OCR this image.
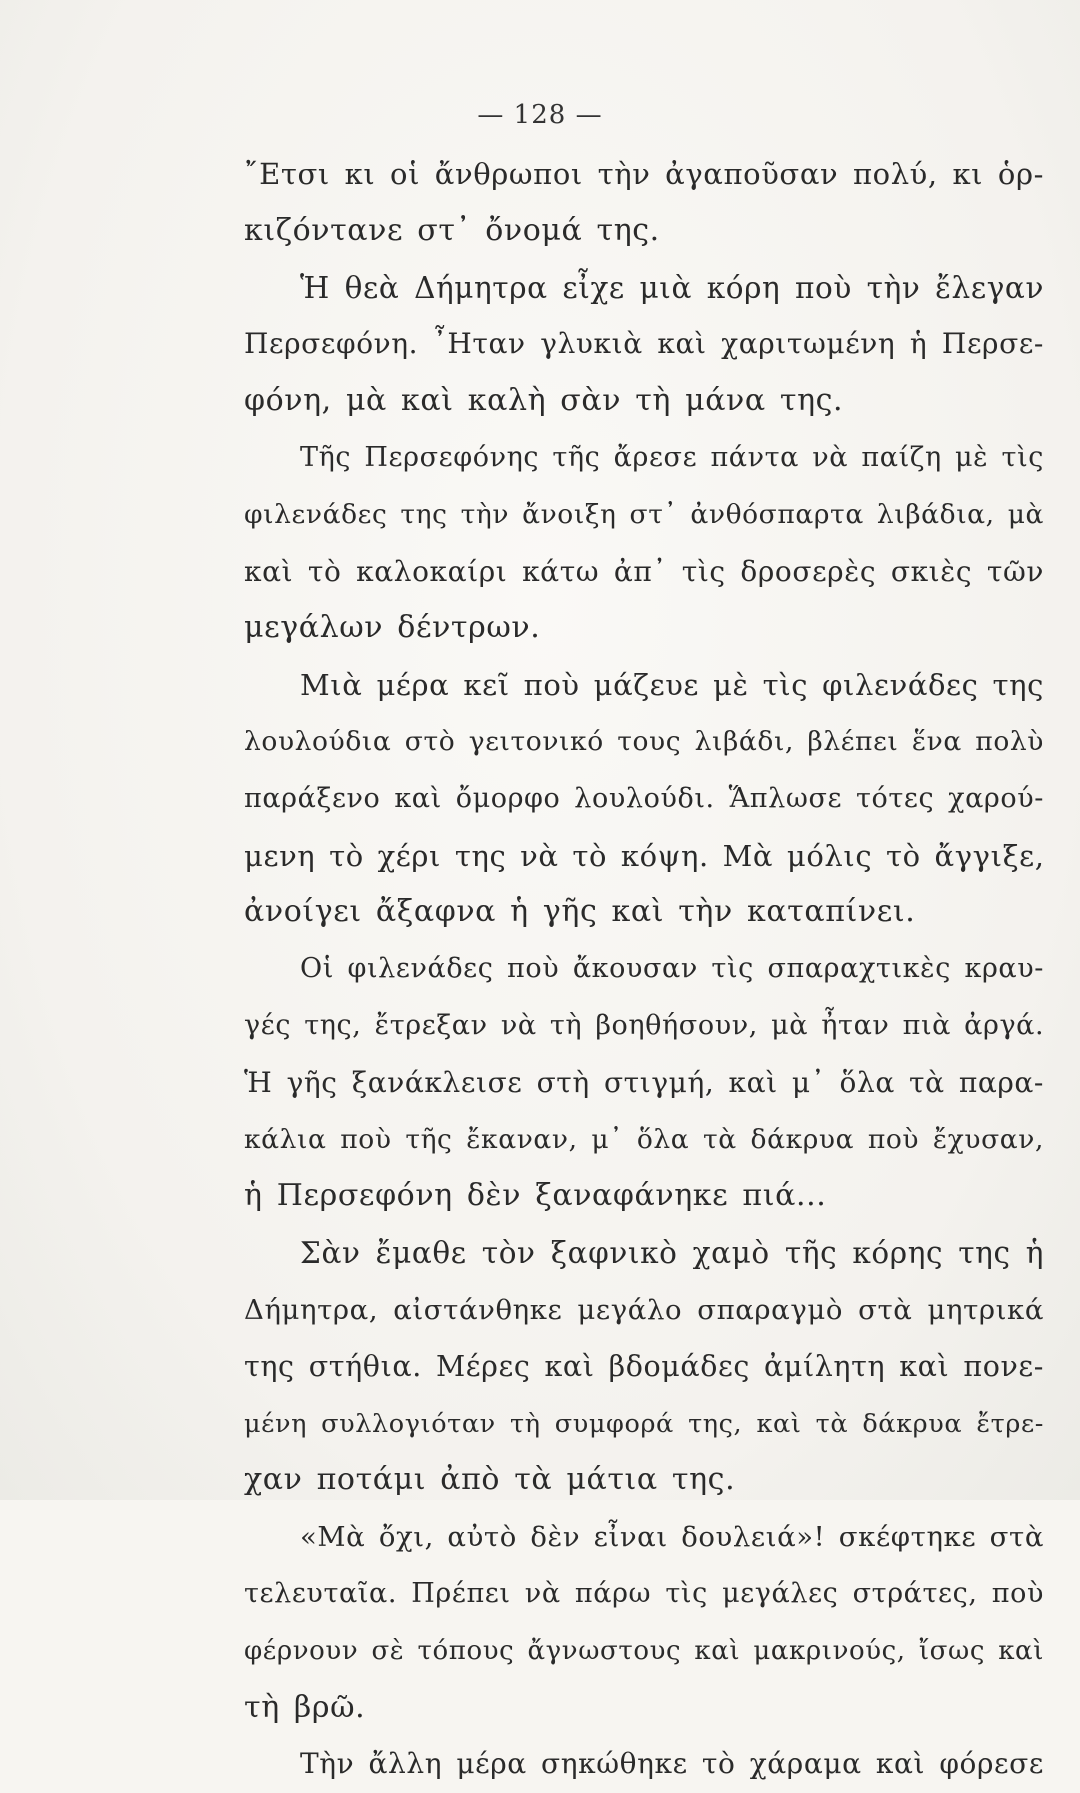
— 128 —
῎Ετσι κι οἱ ἄνθρωποι τὴν ἀγαποῦσαν πολύ, κι ὁρ-
κιζόντανε στ᾽ ὄνομά της.
Ἡ θεὰ Δήμητρα εἶχε μιὰ κόρη ποὺ τὴν ἔλεγαν
Περσεφόνη. ῏Ηταν γλυκιὰ καὶ χαριτωμένη ἡ Περσε-
φόνη, μὰ καὶ καλὴ σὰν τὴ μάνα της.
Τῆς Περσεφόνης τῆς ἄρεσε πάντα νὰ παίζη μὲ τὶς
φιλενάδες της τὴν ἄνοιξη στ᾽ ἀνθόσπαρτα λιβάδια, μὰ
καὶ τὸ καλοκαίρι κάτω ἀπ᾽ τὶς δροσερὲς σκιὲς τῶν
μεγάλων δέντρων.
Μιὰ μέρα κεῖ ποὺ μάζευε μὲ τὶς φιλενάδες της
λουλούδια στὸ γειτονικό τους λιβάδι, βλέπει ἕνα πολὺ
παράξενο καὶ ὄμορφο λουλούδι. Ἅπλωσε τότες χαρού-
μενη τὸ χέρι της νὰ τὸ κόψη. Μὰ μόλις τὸ ἄγγιξε,
ἀνοίγει ἄξαφνα ἡ γῆς καὶ τὴν καταπίνει.
Οἱ φιλενάδες ποὺ ἄκουσαν τὶς σπαραχτικὲς κραυ-
γές της, ἔτρεξαν νὰ τὴ βοηθήσουν, μὰ ἦταν πιὰ ἀργά.
Ἡ γῆς ξανάκλεισε στὴ στιγμή, καὶ μ᾽ ὅλα τὰ παρα-
κάλια ποὺ τῆς ἔκαναν, μ᾽ ὅλα τὰ δάκρυα ποὺ ἔχυσαν,
ἡ Περσεφόνη δὲν ξαναφάνηκε πιά...
Σὰν ἔμαθε τὸν ξαφνικὸ χαμὸ τῆς κόρης της ἡ
Δήμητρα, αἰστάνθηκε μεγάλο σπαραγμὸ στὰ μητρικά
της στήθια. Μέρες καὶ βδομάδες ἀμίλητη καὶ πονε-
μένη συλλογιόταν τὴ συμφορά της, καὶ τὰ δάκρυα ἔτρε-
χαν ποτάμι ἀπὸ τὰ μάτια της.
«Μὰ ὄχι, αὐτὸ δὲν εἶναι δουλειά»! σκέφτηκε στὰ
τελευταῖα. Πρέπει νὰ πάρω τὶς μεγάλες στράτες, ποὺ
φέρνουν σὲ τόπους ἄγνωστους καὶ μακρινούς, ἴσως καὶ
τὴ βρῶ.
Τὴν ἄλλη μέρα σηκώθηκε τὸ χάραμα καὶ φόρεσε
